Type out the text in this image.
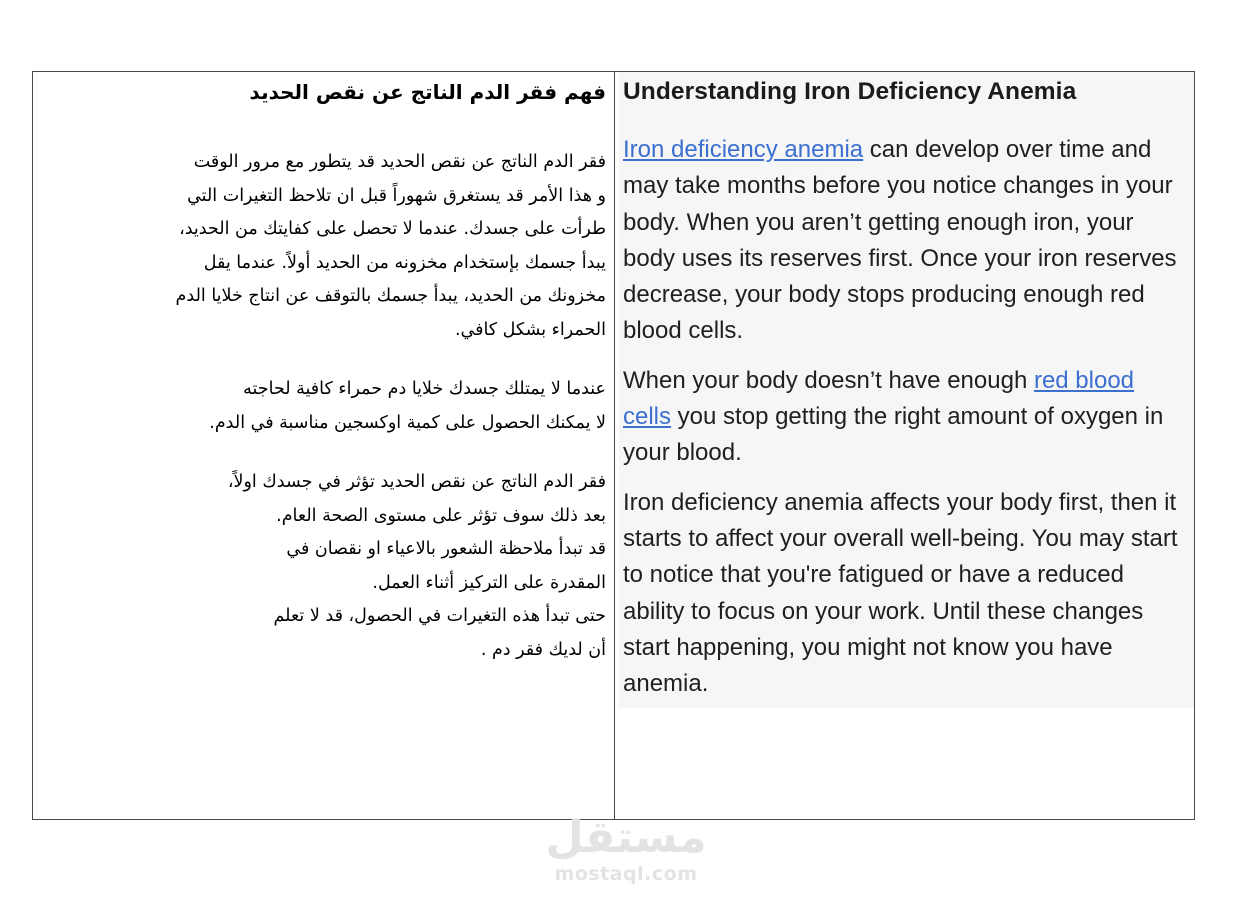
فهم فقر الدم الناتج عن نقص الحديد
فقر الدم الناتج عن نقص الحديد قد يتطور مع مرور الوقت
و هذا الأمر قد يستغرق شهوراً قبل ان تلاحظ التغيرات التي
طرأت على جسدك. عندما لا تحصل على كفايتك من الحديد،
يبدأ جسمك بإستخدام مخزونه من الحديد أولاً. عندما يقل
مخزونك من الحديد، يبدأ جسمك بالتوقف عن انتاج خلايا الدم
الحمراء بشكل كافي.
عندما لا يمتلك جسدك خلايا دم حمراء كافية لحاجته
لا يمكنك الحصول على كمية اوكسجين مناسبة في الدم.
فقر الدم الناتج عن نقص الحديد تؤثر في جسدك اولاً،
بعد ذلك سوف تؤثر على مستوى الصحة العام.
قد تبدأ ملاحظة الشعور بالاعياء او نقصان في
المقدرة على التركيز أثناء العمل.
حتى تبدأ هذه التغيرات في الحصول، قد لا تعلم
أن لديك فقر دم .
Understanding Iron Deficiency Anemia

Iron deficiency anemia can develop over time and may take months before you notice changes in your body. When you aren’t getting enough iron, your body uses its reserves first. Once your iron reserves decrease, your body stops producing enough red blood cells.

When your body doesn’t have enough red blood cells you stop getting the right amount of oxygen in your blood.

Iron deficiency anemia affects your body first, then it starts to affect your overall well-being. You may start to notice that you're fatigued or have a reduced ability to focus on your work. Until these changes start happening, you might not know you have anemia.

مستقل
mostaql.com
